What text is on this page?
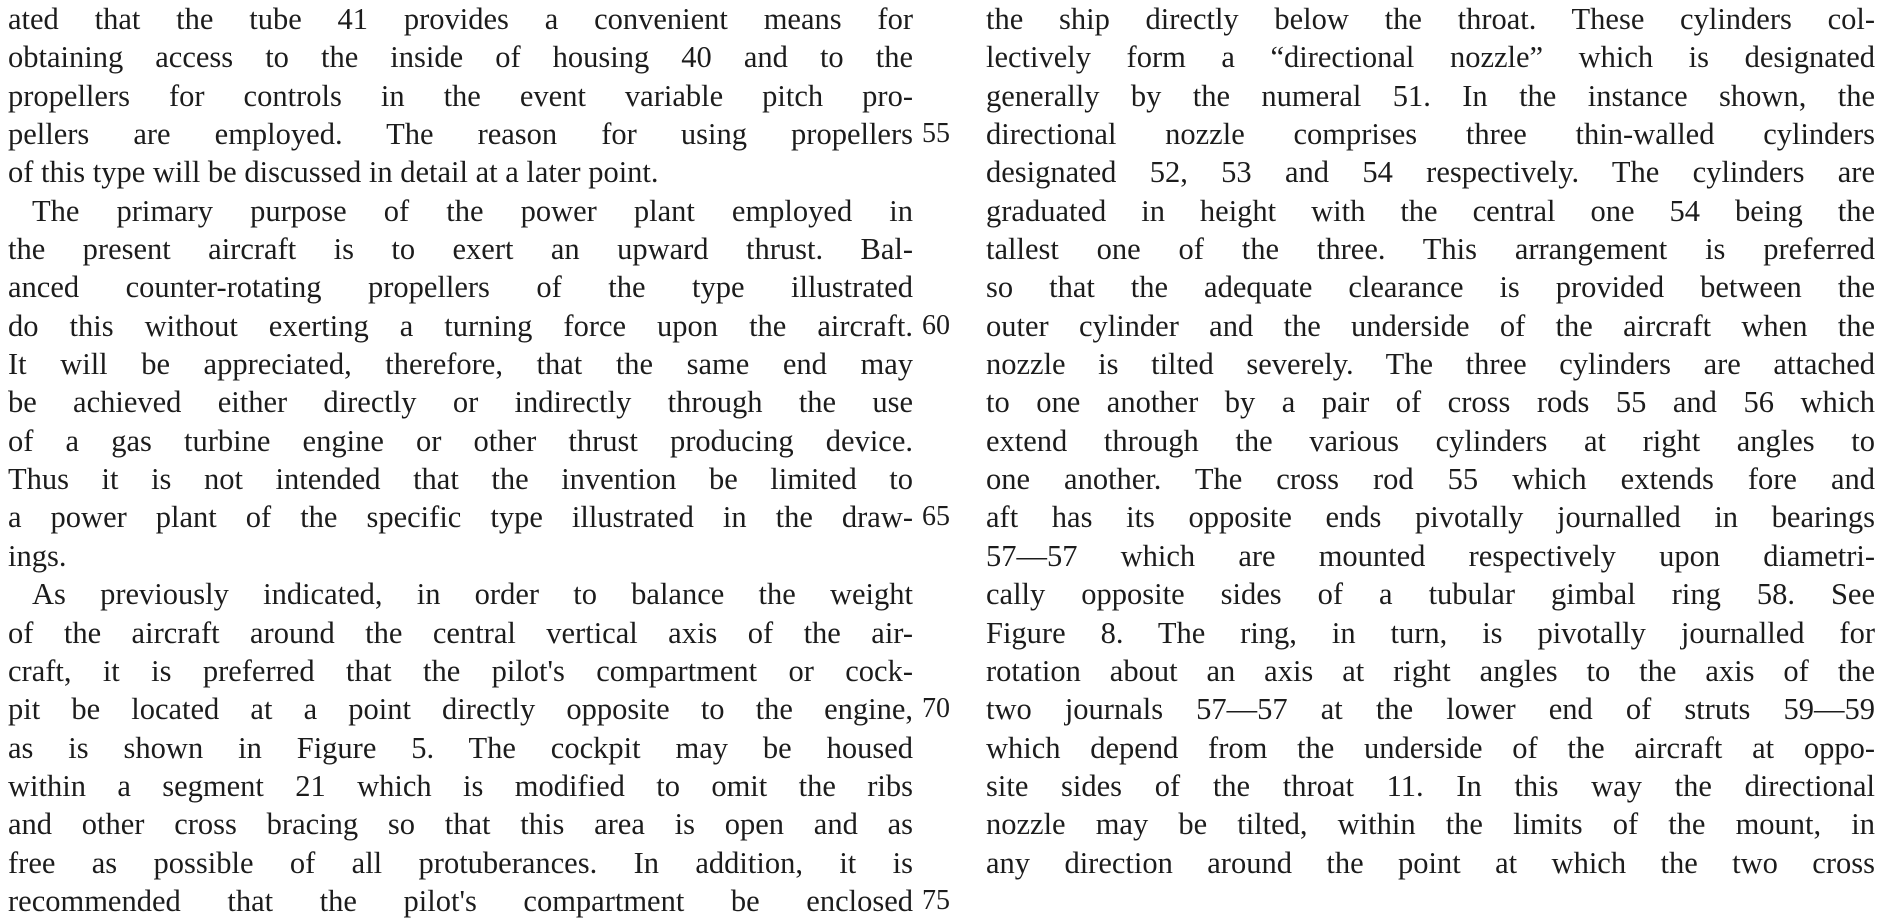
ated that the tube 41 provides a convenient means for
obtaining access to the inside of housing 40 and to the
propellers for controls in the event variable pitch pro-
pellers are employed. The reason for using propellers
of this type will be discussed in detail at a later point.
The primary purpose of the power plant employed in
the present aircraft is to exert an upward thrust. Bal-
anced counter-rotating propellers of the type illustrated
do this without exerting a turning force upon the aircraft.
It will be appreciated, therefore, that the same end may
be achieved either directly or indirectly through the use
of a gas turbine engine or other thrust producing device.
Thus it is not intended that the invention be limited to
a power plant of the specific type illustrated in the draw-
ings.
As previously indicated, in order to balance the weight
of the aircraft around the central vertical axis of the air-
craft, it is preferred that the pilot's compartment or cock-
pit be located at a point directly opposite to the engine,
as is shown in Figure 5. The cockpit may be housed
within a segment 21 which is modified to omit the ribs
and other cross bracing so that this area is open and as
free as possible of all protuberances. In addition, it is
recommended that the pilot's compartment be enclosed
55
60
65
70
75
the ship directly below the throat. These cylinders col-
lectively form a “directional nozzle” which is designated
generally by the numeral 51. In the instance shown, the
directional nozzle comprises three thin-walled cylinders
designated 52, 53 and 54 respectively. The cylinders are
graduated in height with the central one 54 being the
tallest one of the three. This arrangement is preferred
so that the adequate clearance is provided between the
outer cylinder and the underside of the aircraft when the
nozzle is tilted severely. The three cylinders are attached
to one another by a pair of cross rods 55 and 56 which
extend through the various cylinders at right angles to
one another. The cross rod 55 which extends fore and
aft has its opposite ends pivotally journalled in bearings
57—57 which are mounted respectively upon diametri-
cally opposite sides of a tubular gimbal ring 58. See
Figure 8. The ring, in turn, is pivotally journalled for
rotation about an axis at right angles to the axis of the
two journals 57—57 at the lower end of struts 59—59
which depend from the underside of the aircraft at oppo-
site sides of the throat 11. In this way the directional
nozzle may be tilted, within the limits of the mount, in
any direction around the point at which the two cross
